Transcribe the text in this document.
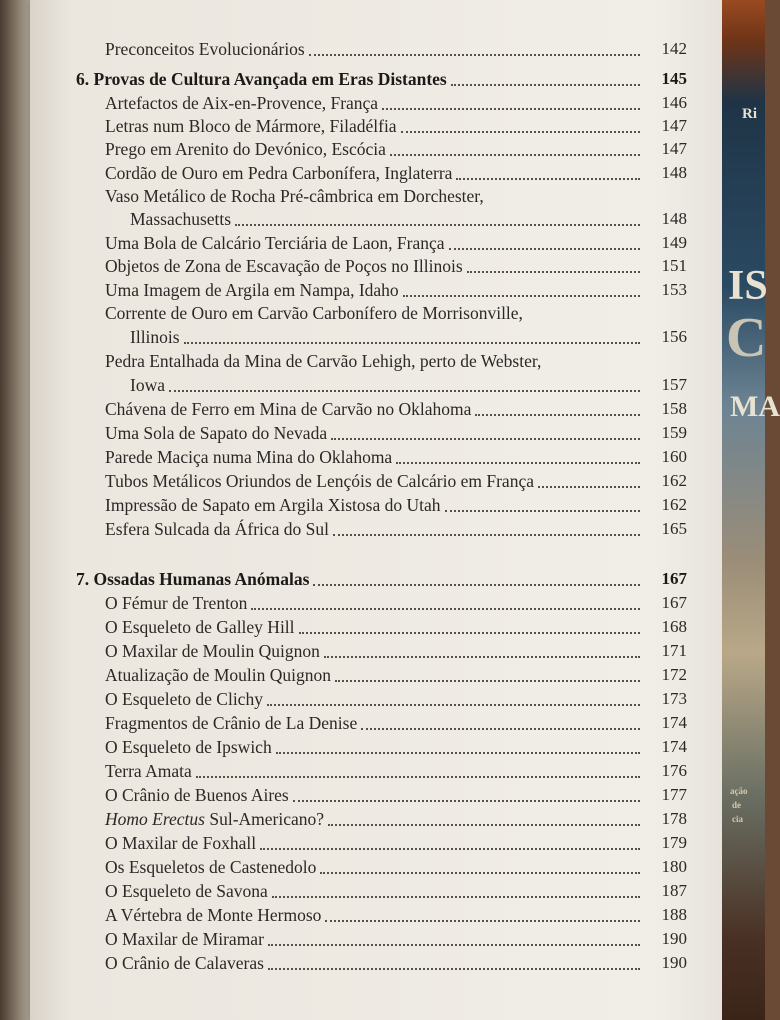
Preconceitos Evolucionários	142
6. Provas de Cultura Avançada em Eras Distantes	145
Artefactos de Aix-en-Provence, França	146
Letras num Bloco de Mármore, Filadélfia	147
Prego em Arenito do Devónico, Escócia	147
Cordão de Ouro em Pedra Carbonífera, Inglaterra	148
Vaso Metálico de Rocha Pré-câmbrica em Dorchester,
Massachusetts	148
Uma Bola de Calcário Terciária de Laon, França	149
Objetos de Zona de Escavação de Poços no Illinois	151
Uma Imagem de Argila em Nampa, Idaho	153
Corrente de Ouro em Carvão Carbonífero de Morrisonville,
Illinois	156
Pedra Entalhada da Mina de Carvão Lehigh, perto de Webster,
Iowa	157
Chávena de Ferro em Mina de Carvão no Oklahoma	158
Uma Sola de Sapato do Nevada	159
Parede Maciça numa Mina do Oklahoma	160
Tubos Metálicos Oriundos de Lençóis de Calcário em França	162
Impressão de Sapato em Argila Xistosa do Utah	162
Esfera Sulcada da África do Sul	165
7. Ossadas Humanas Anómalas	167
O Fémur de Trenton	167
O Esqueleto de Galley Hill	168
O Maxilar de Moulin Quignon	171
Atualização de Moulin Quignon	172
O Esqueleto de Clichy	173
Fragmentos de Crânio de La Denise	174
O Esqueleto de Ipswich	174
Terra Amata	176
O Crânio de Buenos Aires	177
Homo Erectus Sul-Americano?	178
O Maxilar de Foxhall	179
Os Esqueletos de Castenedolo	180
O Esqueleto de Savona	187
A Vértebra de Monte Hermoso	188
O Maxilar de Miramar	190
O Crânio de Calaveras	190
Ri
IS
C
MA
ação
de
cia
